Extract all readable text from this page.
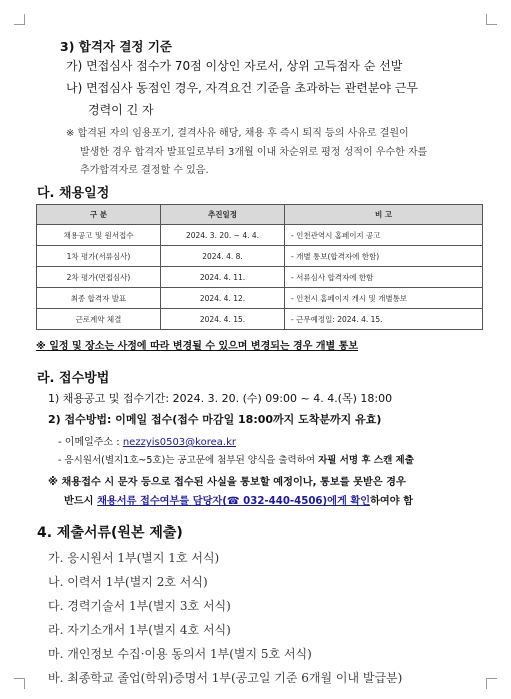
3) 합격자 결정 기준
가) 면접심사 점수가 70점 이상인 자로서, 상위 고득점자 순 선발
나) 면접심사 동점인 경우, 자격요건 기준을 초과하는 관련분야 근무
경력이 긴 자
※ 합격된 자의 임용포기, 결격사유 해당, 채용 후 즉시 퇴직 등의 사유로 결원이
발생한 경우 합격자 발표일로부터 3개월 이내 차순위로 평정 성적이 우수한 자를
추가합격자로 결정할 수 있음.
다. 채용일정
구 분	추진일정	비 고
채용공고 및 원서접수	2024. 3. 20. ~ 4. 4.	- 인천관역시 홈페이지 공고
1차 평가(서류심사)	2024. 4. 8.	- 개별 통보(합격자에 한함)
2차 평가(면접심사)	2024. 4. 11.	- 서류심사 합격자에 한함
최종 합격자 발표	2024. 4. 12.	- 인천시 홈페이지 게시 및 개별통보
근로계약 체결	2024. 4. 15.	- 근무예정일: 2024. 4. 15.
※ 일정 및 장소는 사정에 따라 변경될 수 있으며 변경되는 경우 개별 통보
라. 접수방법
1) 채용공고 및 접수기간: 2024. 3. 20. (수) 09:00 ~ 4. 4.(목) 18:00
2) 접수방법: 이메일 접수(접수 마감일 18:00까지 도착분까지 유효)
- 이메일주소 : nezzyis0503@korea.kr
- 응시원서(별지1호~5호)는 공고문에 첨부된 양식을 출력하여 자필 서명 후 스캔 제출
※ 채용접수 시 문자 등으로 접수된 사실을 통보할 예정이나, 통보를 못받은 경우
반드시 채용서류 접수여부를 담당자(☎ 032-440-4506)에게 확인하여야 함
4. 제출서류(원본 제출)
가. 응시원서 1부(별지 1호 서식)
나. 이력서 1부(별지 2호 서식)
다. 경력기술서 1부(별지 3호 서식)
라. 자기소개서 1부(별지 4호 서식)
마. 개인정보 수집·이용 동의서 1부(별지 5호 서식)
바. 최종학교 졸업(학위)증명서 1부(공고일 기준 6개월 이내 발급분)
